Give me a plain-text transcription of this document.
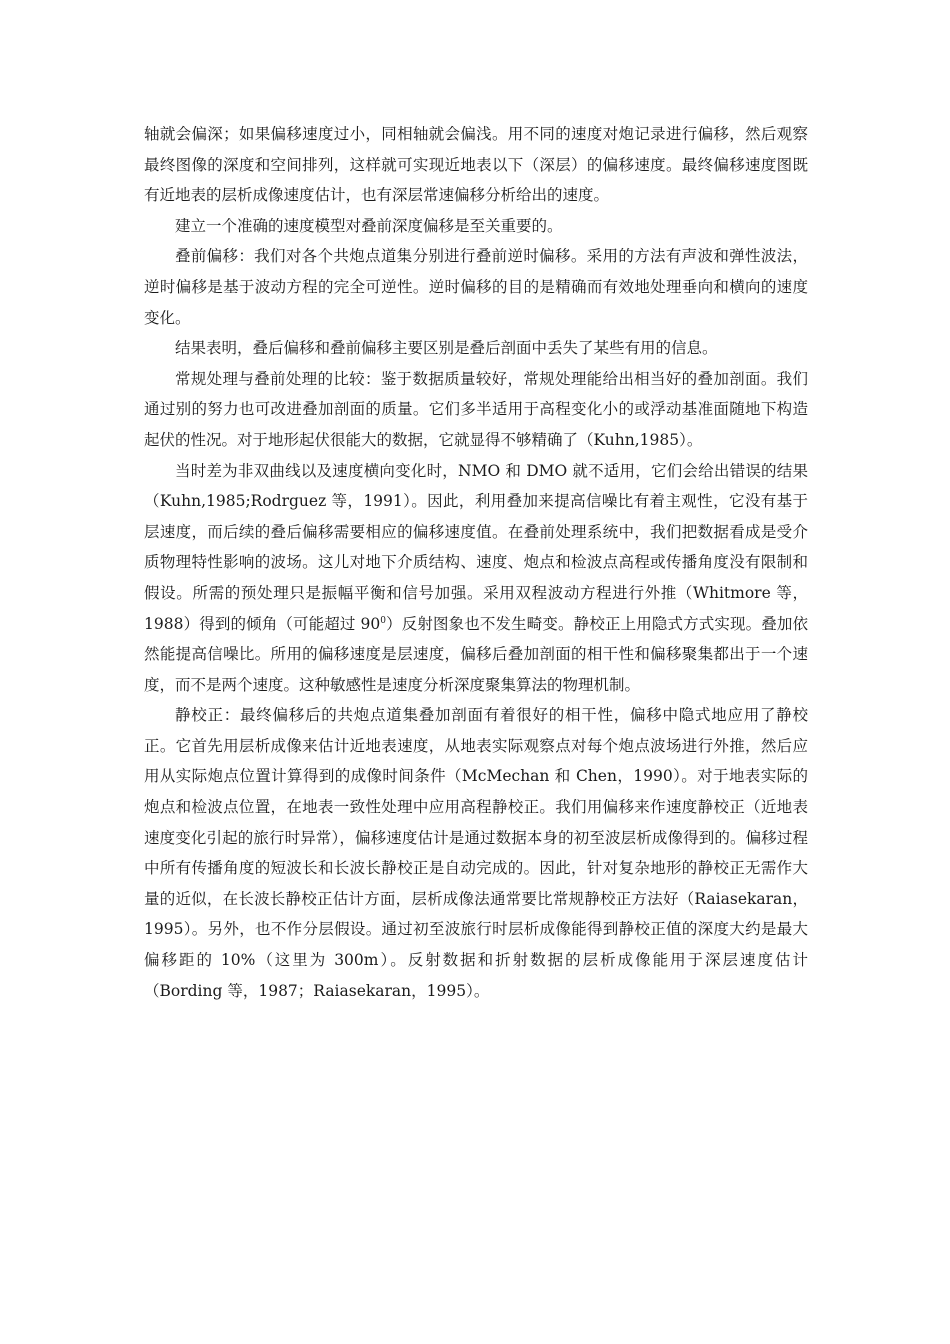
轴就会偏深；如果偏移速度过小，同相轴就会偏浅。用不同的速度对炮记录进行偏移，然后观察最终图像的深度和空间排列，这样就可实现近地表以下（深层）的偏移速度。最终偏移速度图既有近地表的层析成像速度估计，也有深层常速偏移分析给出的速度。

建立一个准确的速度模型对叠前深度偏移是至关重要的。

叠前偏移：我们对各个共炮点道集分别进行叠前逆时偏移。采用的方法有声波和弹性波法，逆时偏移是基于波动方程的完全可逆性。逆时偏移的目的是精确而有效地处理垂向和横向的速度变化。

结果表明，叠后偏移和叠前偏移主要区别是叠后剖面中丢失了某些有用的信息。

常规处理与叠前处理的比较：鉴于数据质量较好，常规处理能给出相当好的叠加剖面。我们通过别的努力也可改进叠加剖面的质量。它们多半适用于高程变化小的或浮动基准面随地下构造起伏的性况。对于地形起伏很能大的数据，它就显得不够精确了（Kuhn,1985）。

当时差为非双曲线以及速度横向变化时，NMO 和 DMO 就不适用，它们会给出错误的结果（Kuhn,1985;Rodrguez 等，1991）。因此，利用叠加来提高信噪比有着主观性，它没有基于层速度，而后续的叠后偏移需要相应的偏移速度值。在叠前处理系统中，我们把数据看成是受介质物理特性影响的波场。这儿对地下介质结构、速度、炮点和检波点高程或传播角度没有限制和假设。所需的预处理只是振幅平衡和信号加强。采用双程波动方程进行外推（Whitmore 等，1988）得到的倾角（可能超过 $90^0$）反射图象也不发生畸变。静校正上用隐式方式实现。叠加依然能提高信噪比。所用的偏移速度是层速度，偏移后叠加剖面的相干性和偏移聚集都出于一个速度，而不是两个速度。这种敏感性是速度分析深度聚集算法的物理机制。

静校正：最终偏移后的共炮点道集叠加剖面有着很好的相干性，偏移中隐式地应用了静校正。它首先用层析成像来估计近地表速度，从地表实际观察点对每个炮点波场进行外推，然后应用从实际炮点位置计算得到的成像时间条件（McMechan 和 Chen，1990）。对于地表实际的炮点和检波点位置，在地表一致性处理中应用高程静校正。我们用偏移来作速度静校正（近地表速度变化引起的旅行时异常），偏移速度估计是通过数据本身的初至波层析成像得到的。偏移过程中所有传播角度的短波长和长波长静校正是自动完成的。因此，针对复杂地形的静校正无需作大量的近似，在长波长静校正估计方面，层析成像法通常要比常规静校正方法好（Raiasekaran，1995）。另外，也不作分层假设。通过初至波旅行时层析成像能得到静校正值的深度大约是最大偏移距的 10%（这里为 300m）。反射数据和折射数据的层析成像能用于深层速度估计（Bording 等，1987；Raiasekaran，1995）。
